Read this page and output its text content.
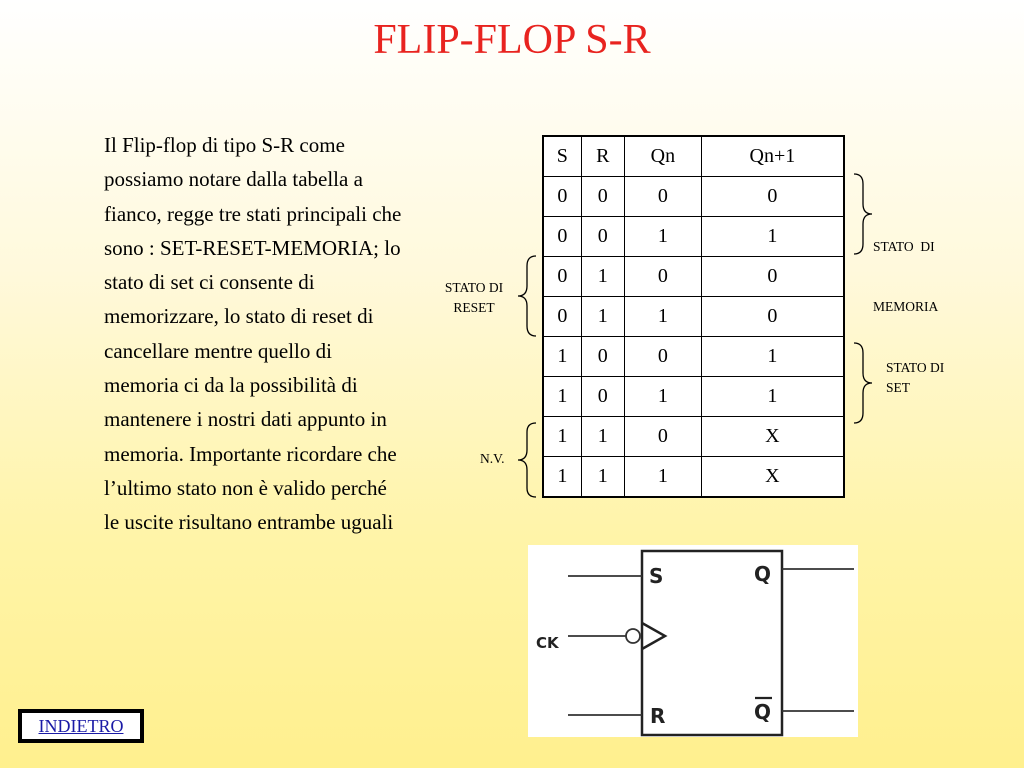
FLIP-FLOP S-R
Il Flip-flop di tipo S-R come possiamo notare dalla tabella a fianco, regge tre stati principali che sono : SET-RESET-MEMORIA; lo stato di set ci consente di memorizzare, lo stato di reset di cancellare mentre quello di memoria ci da la possibilità di mantenere i nostri dati appunto in memoria. Importante ricordare che l’ultimo stato non è valido perché le uscite risultano entrambe uguali
S	R	Qn	Qn+1
0	0	0	0
0	0	1	1
0	1	0	0
0	1	1	0
1	0	0	1
1	0	1	1
1	1	0	X
1	1	1	X

STATO  DI

MEMORIA

STATO DI
RESET
STATO DI
SET
N.V.
S	Q
CK
R	Q
INDIETRO
